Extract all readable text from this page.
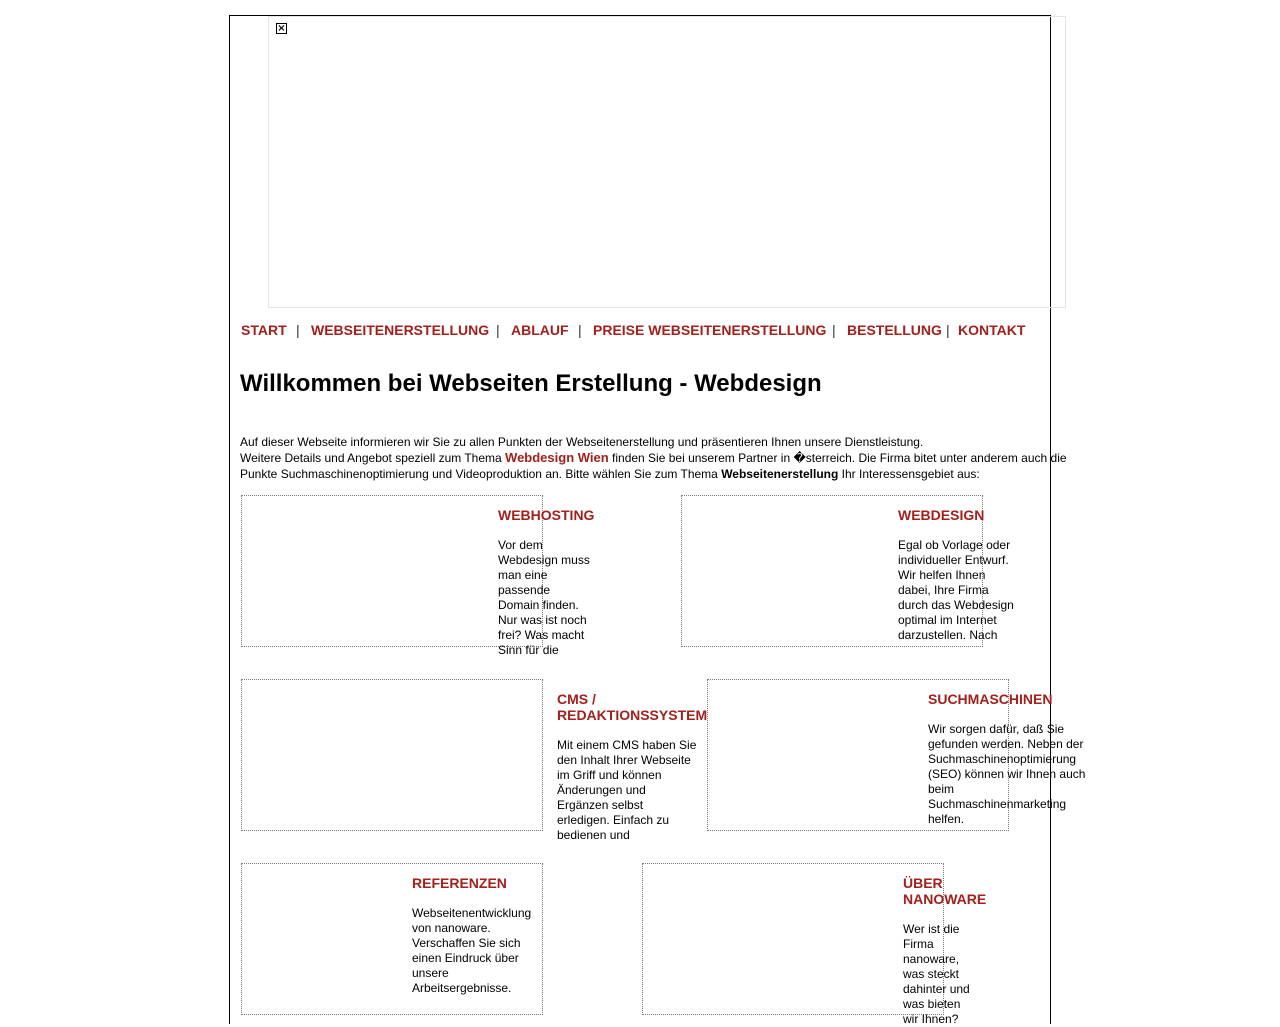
×
START | WEBSEITENERSTELLUNG | ABLAUF | PREISE WEBSEITENERSTELLUNG | BESTELLUNG | KONTAKT
Willkommen bei Webseiten Erstellung - Webdesign
Auf dieser Webseite informieren wir Sie zu allen Punkten der Webseitenerstellung und präsentieren Ihnen unsere Dienstleistung.
Weitere Details und Angebot speziell zum Thema Webdesign Wien finden Sie bei unserem Partner in �sterreich. Die Firma bitet unter anderem auch die Punkte Suchmaschinenoptimierung und Videoproduktion an. Bitte wählen Sie zum Thema Webseitenerstellung Ihr Interessensgebiet aus:
WEBHOSTING
Vor dem Webdesign muss man eine passende Domain finden. Nur was ist noch frei? Was macht Sinn für die
WEBDESIGN
Egal ob Vorlage oder individueller Entwurf. Wir helfen Ihnen dabei, Ihre Firma durch das Webdesign optimal im Internet darzustellen. Nach
CMS / REDAKTIONSSYSTEM
Mit einem CMS haben Sie den Inhalt Ihrer Webseite im Griff und können Änderungen und Ergänzen selbst erledigen. Einfach zu bedienen und
SUCHMASCHINEN
Wir sorgen dafür, daß Sie gefunden werden. Neben der Suchmaschinenoptimierung (SEO) können wir Ihnen auch beim Suchmaschinenmarketing helfen.
REFERENZEN
Webseitenentwicklung von nanoware. Verschaffen Sie sich einen Eindruck über unsere Arbeitsergebnisse.
ÜBER NANOWARE
Wer ist die Firma nanoware, was steckt dahinter und was bieten wir Ihnen?
